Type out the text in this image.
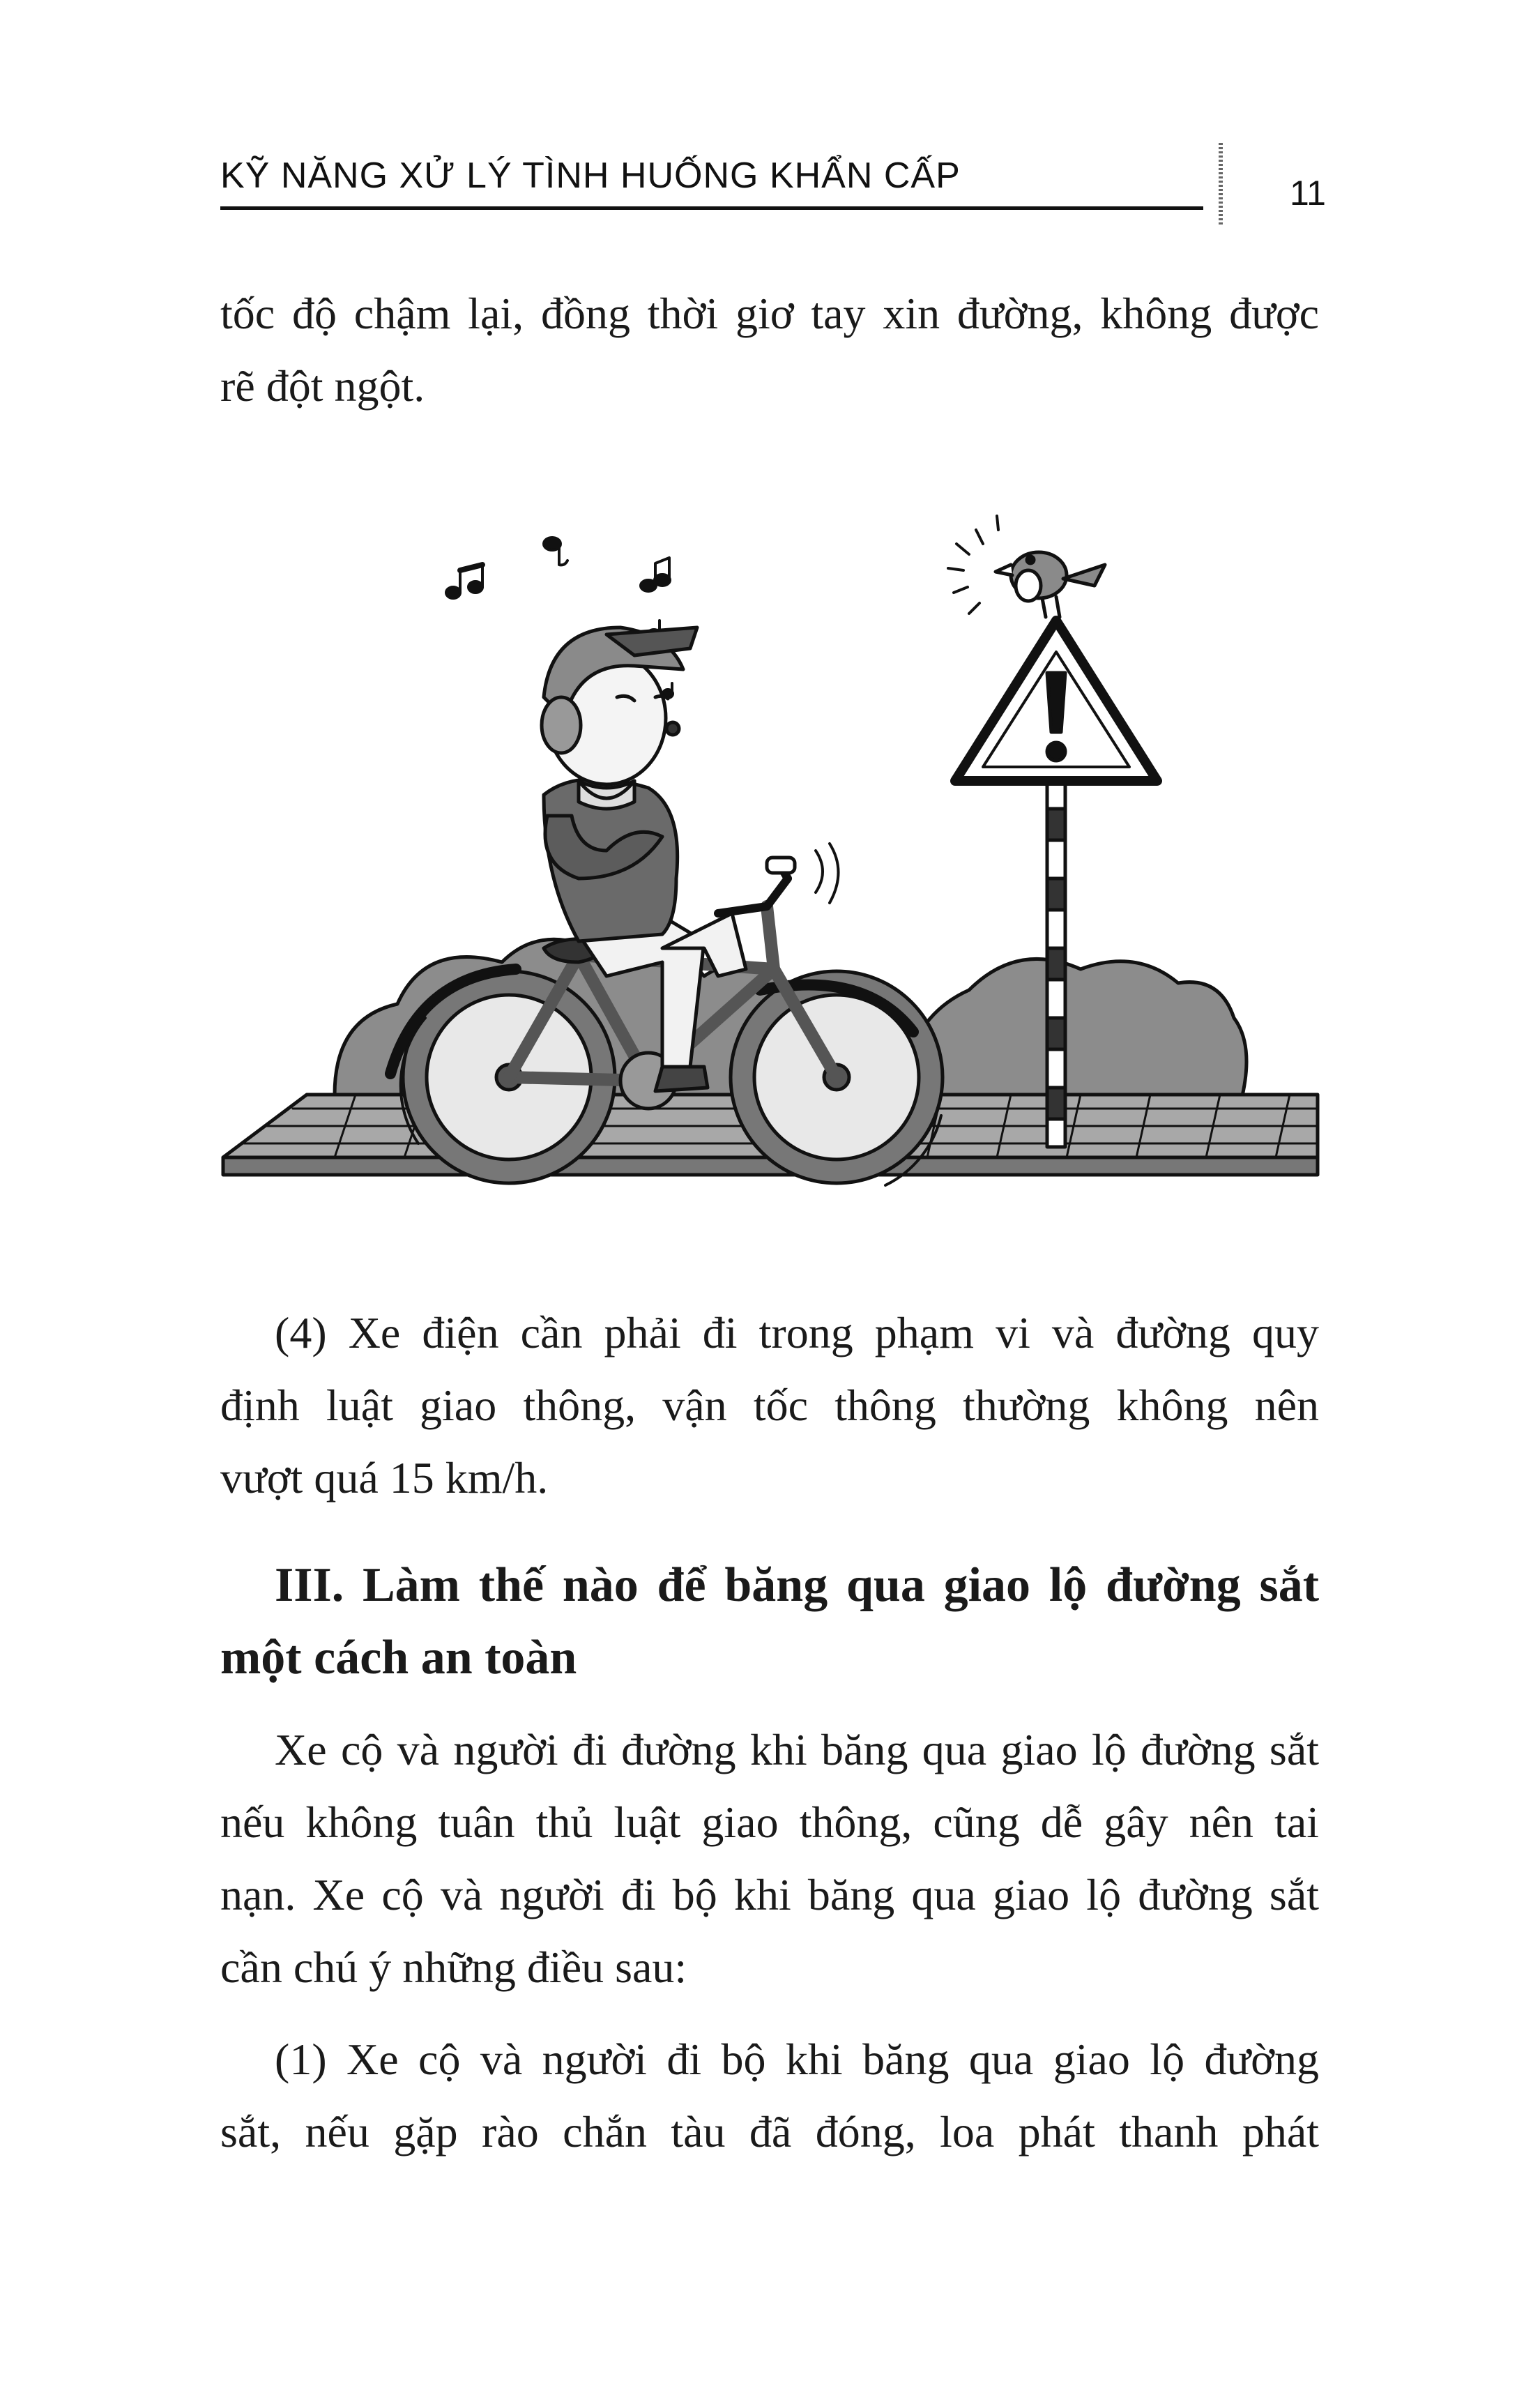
KỸ NĂNG XỬ LÝ TÌNH HUỐNG KHẨN CẤP	11

tốc độ chậm lại, đồng thời giơ tay xin đường, không được
rẽ đột ngột.

(4) Xe điện cần phải đi trong phạm vi và đường quy
định luật giao thông, vận tốc thông thường không nên
vượt quá 15 km/h.

III. Làm thế nào để băng qua giao lộ đường sắt
một cách an toàn

Xe cộ và người đi đường khi băng qua giao lộ đường sắt
nếu không tuân thủ luật giao thông, cũng dễ gây nên tai
nạn. Xe cộ và người đi bộ khi băng qua giao lộ đường sắt
cần chú ý những điều sau:

(1) Xe cộ và người đi bộ khi băng qua giao lộ đường
sắt, nếu gặp rào chắn tàu đã đóng, loa phát thanh phát
